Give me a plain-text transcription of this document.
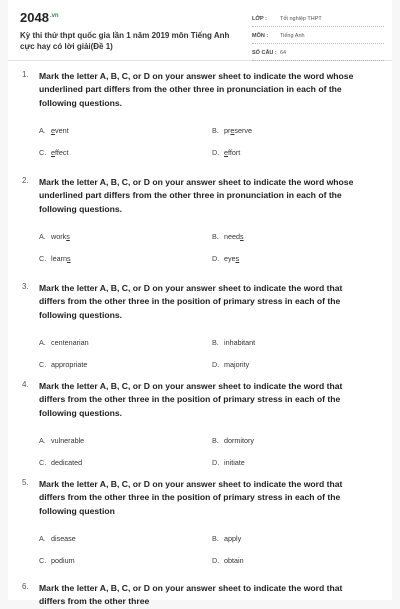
$2048^{.vn}$
Kỳ thi thử thpt quốc gia lần 1 năm 2019 môn Tiếng Anh cực hay có lời giải(Đề 1)
LỚP :	Tốt nghiệp THPT
MÔN :	Tiếng Anh
SỐ CÂU : 64
1. Mark the letter A, B, C, or D on your answer sheet to indicate the word whose underlined part differs from the other three in pronunciation in each of the following questions.
A. event	B. preserve
C. effect	D. effort
2. Mark the letter A, B, C, or D on your answer sheet to indicate the word whose underlined part differs from the other three in pronunciation in each of the following questions.
A. works	B. needs
C. learns	D. eyes
3. Mark the letter A, B, C, or D on your answer sheet to indicate the word that differs from the other three in the position of primary stress in each of the following questions.
A. centenarian	B. inhabitant
C. appropriate	D. majority
4. Mark the letter A, B, C, or D on your answer sheet to indicate the word that differs from the other three in the position of primary stress in each of the following questions.
A. vulnerable	B. dormitory
C. dedicated	D. initiate
5. Mark the letter A, B, C, or D on your answer sheet to indicate the word that differs from the other three in the position of primary stress in each of the following question
A. disease	B. apply
C. podium	D. obtain
6. Mark the letter A, B, C, or D on your answer sheet to indicate the word that differs from the other three
